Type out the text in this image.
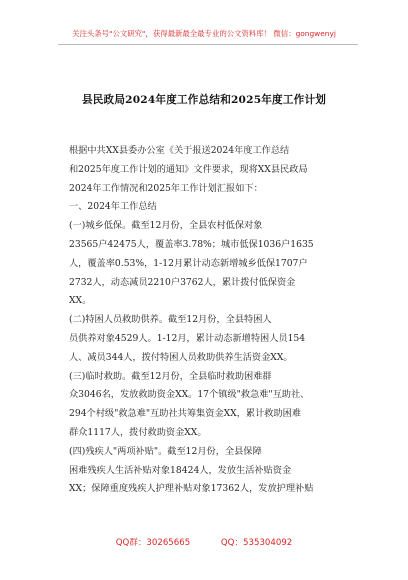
关注头条号"公文研究"，获得最新最全最专业的公文资料库！ 微信：gongwenyj
县民政局2024年度工作总结和2025年度工作计划
根据中共XX县委办公室《关于报送2024年度工作总结
和2025年度工作计划的通知》文件要求，现将XX县民政局
2024年工作情况和2025年工作计划汇报如下：
一、2024年工作总结
(一)城乡低保。截至12月份，全县农村低保对象
23565户42475人，覆盖率3.78%；城市低保1036户1635
人，覆盖率0.53%，1-12月累计动态新增城乡低保1707户
2732人，动态减员2210户3762人，累计拨付低保资金
XX。
(二)特困人员救助供养。截至12月份，全县特困人
员供养对象4529人。1-12月，累计动态新增特困人员154
人、减员344人，拨付特困人员救助供养生活资金XX。
(三)临时救助。截至12月份，全县临时救助困难群
众3046名，发放救助资金XX。17个镇级"救急难"互助社、
294个村级"救急难"互助社共筹集资金XX，累计救助困难
群众1117人，拨付救助资金XX。
(四)残疾人"两项补贴"。截至12月份，全县保障
困难残疾人生活补贴对象18424人，发放生活补贴资金
XX；保障重度残疾人护理补贴对象17362人，发放护理补贴
QQ群：30265665	QQ：535304092
